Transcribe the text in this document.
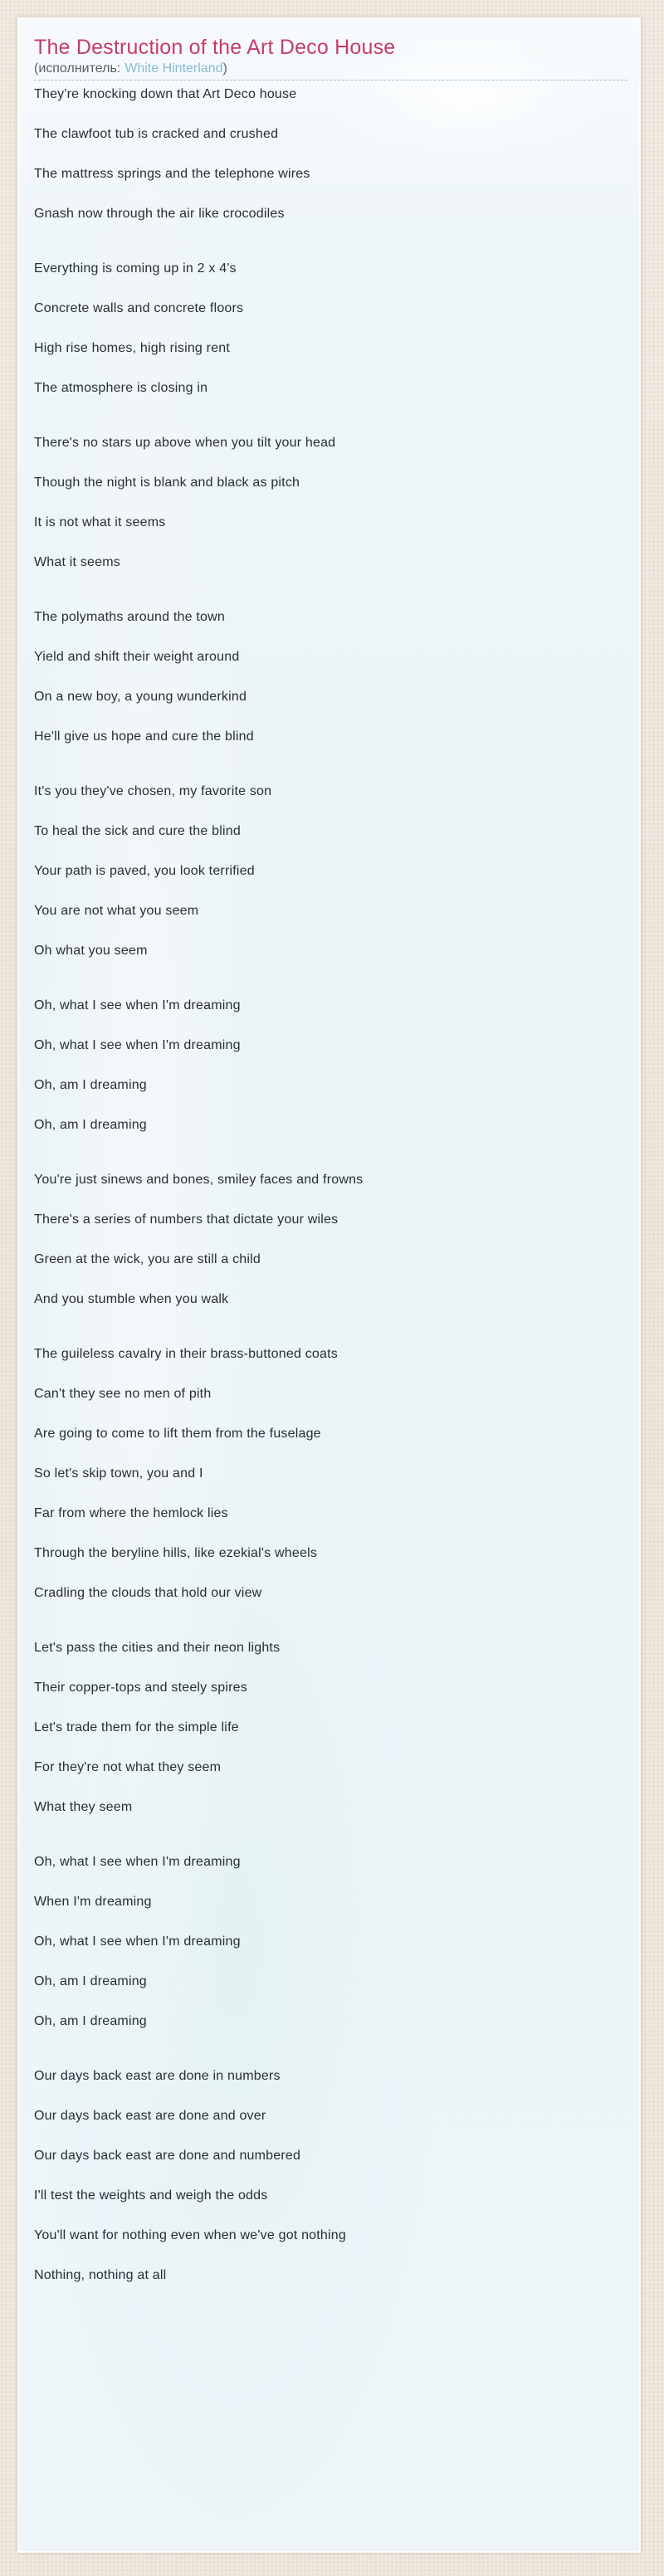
The Destruction of the Art Deco House
(исполнитель: White Hinterland)

They're knocking down that Art Deco house

The clawfoot tub is cracked and crushed

The mattress springs and the telephone wires

Gnash now through the air like crocodiles

Everything is coming up in 2 x 4's

Concrete walls and concrete floors

High rise homes, high rising rent

The atmosphere is closing in

There's no stars up above when you tilt your head

Though the night is blank and black as pitch

It is not what it seems

What it seems

The polymaths around the town

Yield and shift their weight around

On a new boy, a young wunderkind

He'll give us hope and cure the blind

It's you they've chosen, my favorite son

To heal the sick and cure the blind

Your path is paved, you look terrified

You are not what you seem

Oh what you seem

Oh, what I see when I'm dreaming

Oh, what I see when I'm dreaming

Oh, am I dreaming

Oh, am I dreaming

You're just sinews and bones, smiley faces and frowns

There's a series of numbers that dictate your wiles

Green at the wick, you are still a child

And you stumble when you walk

The guileless cavalry in their brass-buttoned coats

Can't they see no men of pith

Are going to come to lift them from the fuselage

So let's skip town, you and I

Far from where the hemlock lies

Through the beryline hills, like ezekial's wheels

Cradling the clouds that hold our view

Let's pass the cities and their neon lights

Their copper-tops and steely spires

Let's trade them for the simple life

For they're not what they seem

What they seem

Oh, what I see when I'm dreaming

When I'm dreaming

Oh, what I see when I'm dreaming

Oh, am I dreaming

Oh, am I dreaming

Our days back east are done in numbers

Our days back east are done and over

Our days back east are done and numbered

I'll test the weights and weigh the odds

You'll want for nothing even when we've got nothing

Nothing, nothing at all
